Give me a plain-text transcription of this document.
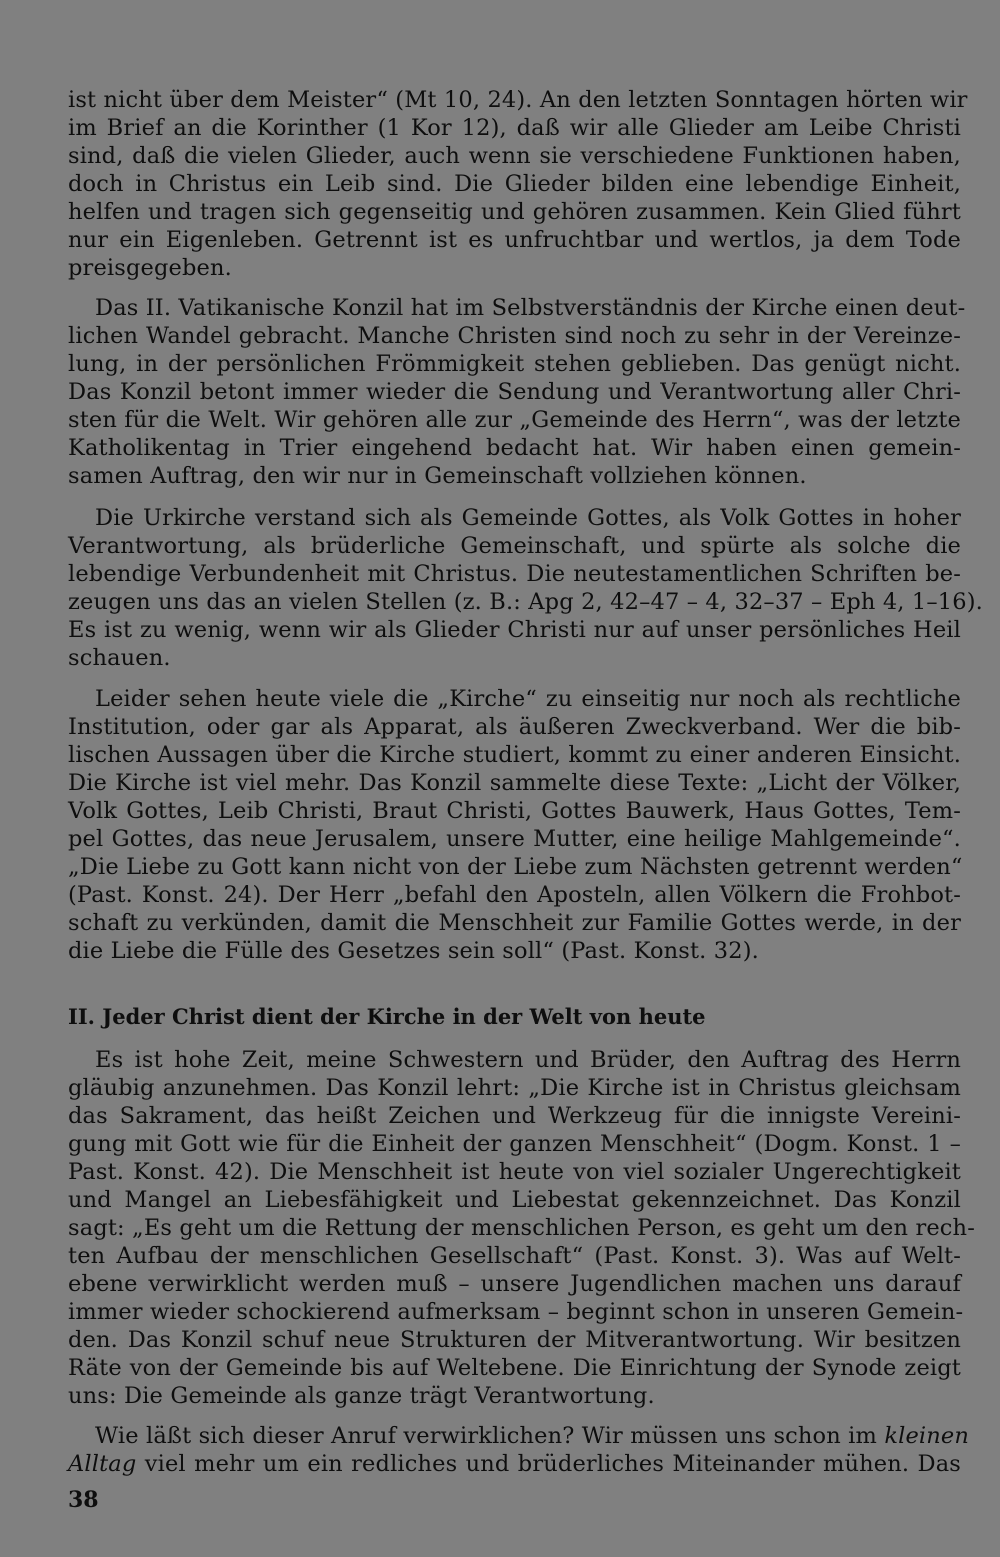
ist nicht über dem Meister“ (Mt 10, 24). An den letzten Sonntagen hörten wir
im Brief an die Korinther (1 Kor 12), daß wir alle Glieder am Leibe Christi
sind, daß die vielen Glieder, auch wenn sie verschiedene Funktionen haben,
doch in Christus ein Leib sind. Die Glieder bilden eine lebendige Einheit,
helfen und tragen sich gegenseitig und gehören zusammen. Kein Glied führt
nur ein Eigenleben. Getrennt ist es unfruchtbar und wertlos, ja dem Tode
preisgegeben.
Das II. Vatikanische Konzil hat im Selbstverständnis der Kirche einen deut-
lichen Wandel gebracht. Manche Christen sind noch zu sehr in der Vereinze-
lung, in der persönlichen Frömmigkeit stehen geblieben. Das genügt nicht.
Das Konzil betont immer wieder die Sendung und Verantwortung aller Chri-
sten für die Welt. Wir gehören alle zur „Gemeinde des Herrn“, was der letzte
Katholikentag in Trier eingehend bedacht hat. Wir haben einen gemein-
samen Auftrag, den wir nur in Gemeinschaft vollziehen können.
Die Urkirche verstand sich als Gemeinde Gottes, als Volk Gottes in hoher
Verantwortung, als brüderliche Gemeinschaft, und spürte als solche die
lebendige Verbundenheit mit Christus. Die neutestamentlichen Schriften be-
zeugen uns das an vielen Stellen (z. B.: Apg 2, 42–47 – 4, 32–37 – Eph 4, 1–16).
Es ist zu wenig, wenn wir als Glieder Christi nur auf unser persönliches Heil
schauen.
Leider sehen heute viele die „Kirche“ zu einseitig nur noch als rechtliche
Institution, oder gar als Apparat, als äußeren Zweckverband. Wer die bib-
lischen Aussagen über die Kirche studiert, kommt zu einer anderen Einsicht.
Die Kirche ist viel mehr. Das Konzil sammelte diese Texte: „Licht der Völker,
Volk Gottes, Leib Christi, Braut Christi, Gottes Bauwerk, Haus Gottes, Tem-
pel Gottes, das neue Jerusalem, unsere Mutter, eine heilige Mahlgemeinde“.
„Die Liebe zu Gott kann nicht von der Liebe zum Nächsten getrennt werden“
(Past. Konst. 24). Der Herr „befahl den Aposteln, allen Völkern die Frohbot-
schaft zu verkünden, damit die Menschheit zur Familie Gottes werde, in der
die Liebe die Fülle des Gesetzes sein soll“ (Past. Konst. 32).
II. Jeder Christ dient der Kirche in der Welt von heute
Es ist hohe Zeit, meine Schwestern und Brüder, den Auftrag des Herrn
gläubig anzunehmen. Das Konzil lehrt: „Die Kirche ist in Christus gleichsam
das Sakrament, das heißt Zeichen und Werkzeug für die innigste Vereini-
gung mit Gott wie für die Einheit der ganzen Menschheit“ (Dogm. Konst. 1 –
Past. Konst. 42). Die Menschheit ist heute von viel sozialer Ungerechtigkeit
und Mangel an Liebesfähigkeit und Liebestat gekennzeichnet. Das Konzil
sagt: „Es geht um die Rettung der menschlichen Person, es geht um den rech-
ten Aufbau der menschlichen Gesellschaft“ (Past. Konst. 3). Was auf Welt-
ebene verwirklicht werden muß – unsere Jugendlichen machen uns darauf
immer wieder schockierend aufmerksam – beginnt schon in unseren Gemein-
den. Das Konzil schuf neue Strukturen der Mitverantwortung. Wir besitzen
Räte von der Gemeinde bis auf Weltebene. Die Einrichtung der Synode zeigt
uns: Die Gemeinde als ganze trägt Verantwortung.
Wie läßt sich dieser Anruf verwirklichen? Wir müssen uns schon im kleinen
Alltag viel mehr um ein redliches und brüderliches Miteinander mühen. Das
38
